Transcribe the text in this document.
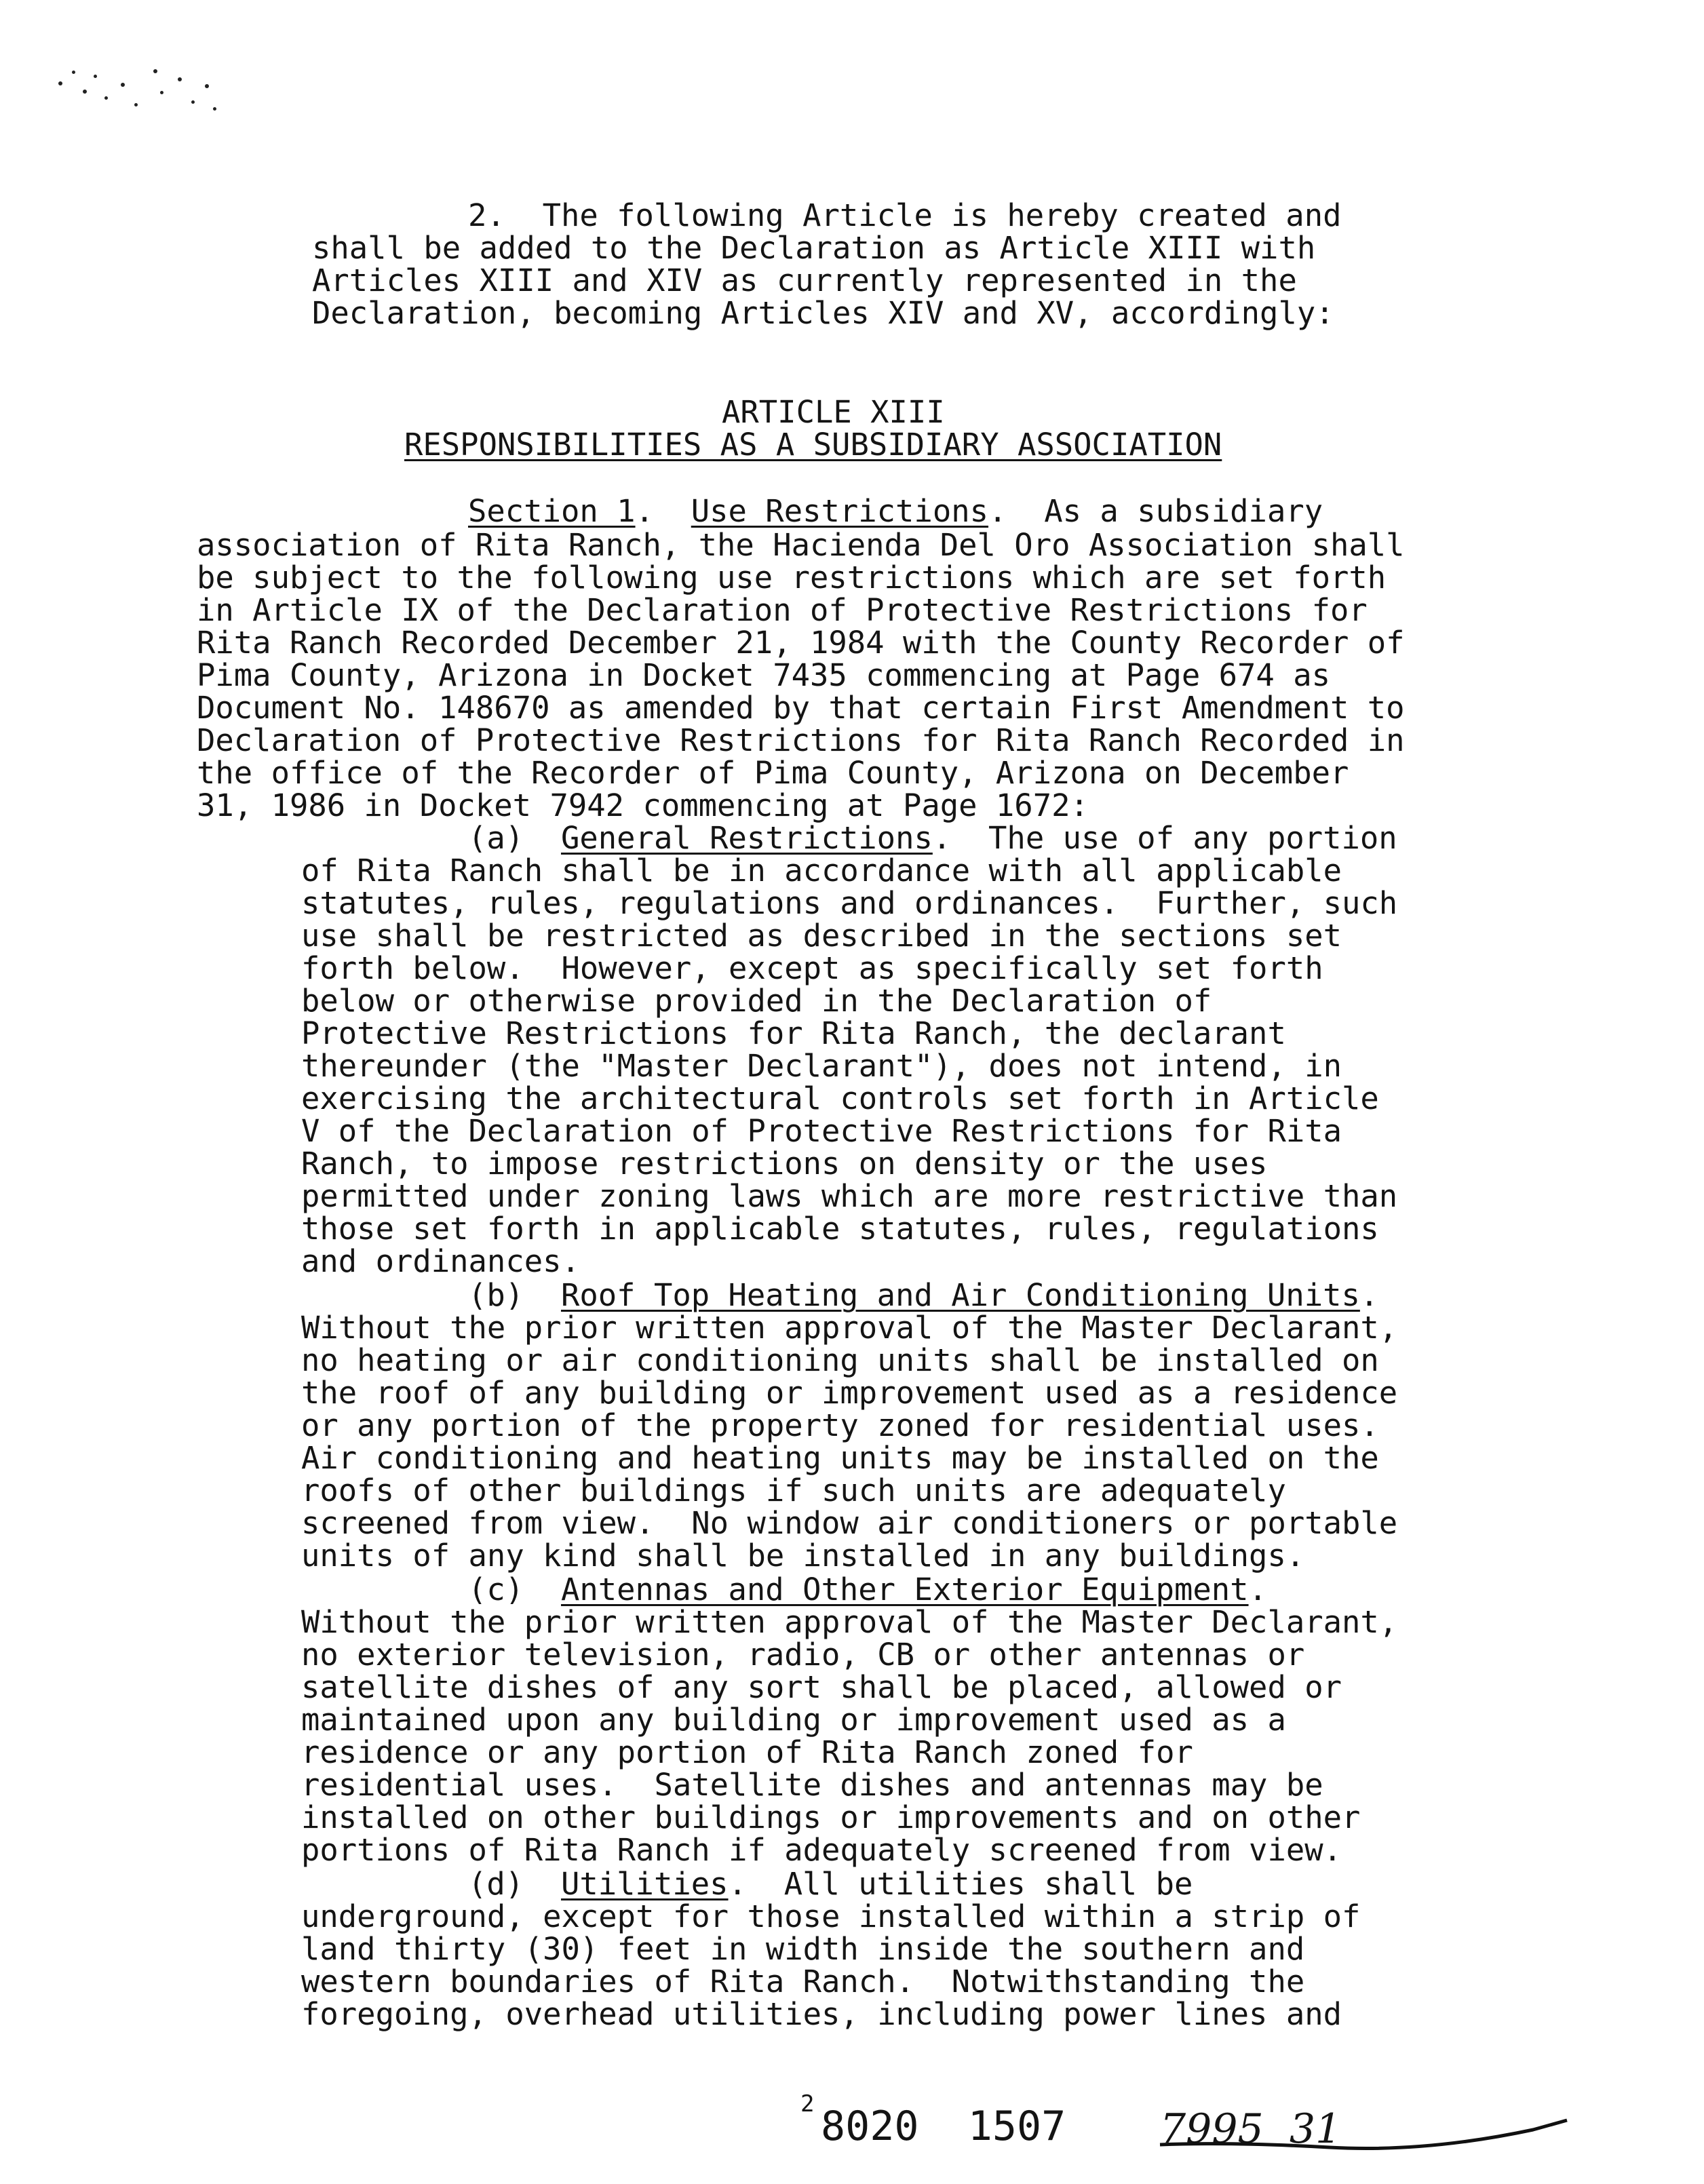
2.  The following Article is hereby created and
shall be added to the Declaration as Article XIII with
Articles XIII and XIV as currently represented in the
Declaration, becoming Articles XIV and XV, accordingly:
ARTICLE XIII
RESPONSIBILITIES AS A SUBSIDIARY ASSOCIATION
Section 1.  Use Restrictions.  As a subsidiary
association of Rita Ranch, the Hacienda Del Oro Association shall
be subject to the following use restrictions which are set forth
in Article IX of the Declaration of Protective Restrictions for
Rita Ranch Recorded December 21, 1984 with the County Recorder of
Pima County, Arizona in Docket 7435 commencing at Page 674 as
Document No. 148670 as amended by that certain First Amendment to
Declaration of Protective Restrictions for Rita Ranch Recorded in
the office of the Recorder of Pima County, Arizona on December
31, 1986 in Docket 7942 commencing at Page 1672:
(a) General Restrictions.  The use of any portion
of Rita Ranch shall be in accordance with all applicable
statutes, rules, regulations and ordinances.  Further, such
use shall be restricted as described in the sections set
forth below.  However, except as specifically set forth
below or otherwise provided in the Declaration of
Protective Restrictions for Rita Ranch, the declarant
thereunder (the "Master Declarant"), does not intend, in
exercising the architectural controls set forth in Article
V of the Declaration of Protective Restrictions for Rita
Ranch, to impose restrictions on density or the uses
permitted under zoning laws which are more restrictive than
those set forth in applicable statutes, rules, regulations
and ordinances.
(b) Roof Top Heating and Air Conditioning Units.
Without the prior written approval of the Master Declarant,
no heating or air conditioning units shall be installed on
the roof of any building or improvement used as a residence
or any portion of the property zoned for residential uses.
Air conditioning and heating units may be installed on the
roofs of other buildings if such units are adequately
screened from view.  No window air conditioners or portable
units of any kind shall be installed in any buildings.
(c) Antennas and Other Exterior Equipment.
Without the prior written approval of the Master Declarant,
no exterior television, radio, CB or other antennas or
satellite dishes of any sort shall be placed, allowed or
maintained upon any building or improvement used as a
residence or any portion of Rita Ranch zoned for
residential uses.  Satellite dishes and antennas may be
installed on other buildings or improvements and on other
portions of Rita Ranch if adequately screened from view.
(d) Utilities.  All utilities shall be
underground, except for those installed within a strip of
land thirty (30) feet in width inside the southern and
western boundaries of Rita Ranch.  Notwithstanding the
foregoing, overhead utilities, including power lines and
2 8020  1507 7995  31
